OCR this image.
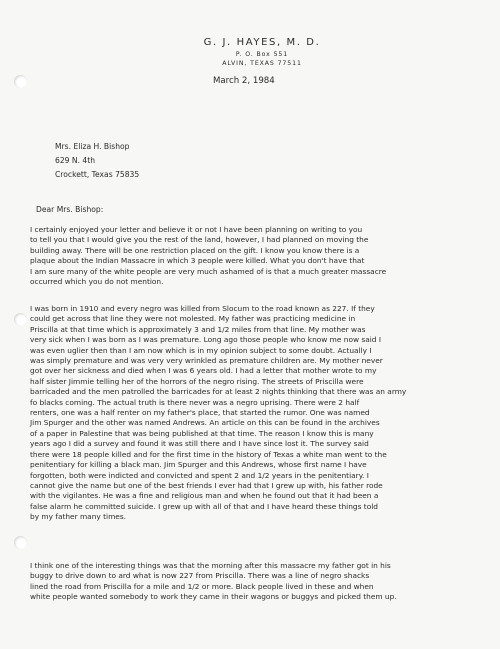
G. J. HAYES, M. D.
P. O. Box 551
ALVIN, TEXAS 77511
March 2, 1984
Mrs. Eliza H. Bishop
629 N. 4th
Crockett, Texas 75835
Dear Mrs. Bishop:
I certainly enjoyed your letter and believe it or not I have been planning on writing to you
to tell you that I would give you the rest of the land, however, I had planned on moving the
building away. There will be one restriction placed on the gift. I know you know there is a
plaque about the Indian Massacre in which 3 people were killed. What you don't have that
I am sure many of the white people are very much ashamed of is that a much greater massacre
occurred which you do not mention.
I was born in 1910 and every negro was killed from Slocum to the road known as 227. If they
could get across that line they were not molested. My father was practicing medicine in
Priscilla at that time which is approximately 3 and 1/2 miles from that line. My mother was
very sick when I was born as I was premature. Long ago those people who know me now said I
was even uglier then than I am now which is in my opinion subject to some doubt. Actually I
was simply premature and was very very wrinkled as premature children are. My mother never
got over her sickness and died when I was 6 years old. I had a letter that mother wrote to my
half sister Jimmie telling her of the horrors of the negro rising. The streets of Priscilla were
barricaded and the men patrolled the barricades for at least 2 nights thinking that there was an army
fo blacks coming. The actual truth is there never was a negro uprising. There were 2 half
renters, one was a half renter on my father's place, that started the rumor. One was named
Jim Spurger and the other was named Andrews. An article on this can be found in the archives
of a paper in Palestine that was being published at that time. The reason I know this is many
years ago I did a survey and found it was still there and I have since lost it. The survey said
there were 18 people killed and for the first time in the history of Texas a white man went to the
penitentiary for killing a black man. Jim Spurger and this Andrews, whose first name I have
forgotten, both were indicted and convicted and spent 2 and 1/2 years in the penitentiary. I
cannot give the name but one of the best friends I ever had that I grew up with, his father rode
with the vigilantes. He was a fine and religious man and when he found out that it had been a
false alarm he committed suicide. I grew up with all of that and I have heard these things told
by my father many times.
I think one of the interesting things was that the morning after this massacre my father got in his
buggy to drive down to ard what is now 227 from Priscilla. There was a line of negro shacks
lined the road from Priscilla for a mile and 1/2 or more. Black people lived in these and when
white people wanted somebody to work they came in their wagons or buggys and picked them up.
